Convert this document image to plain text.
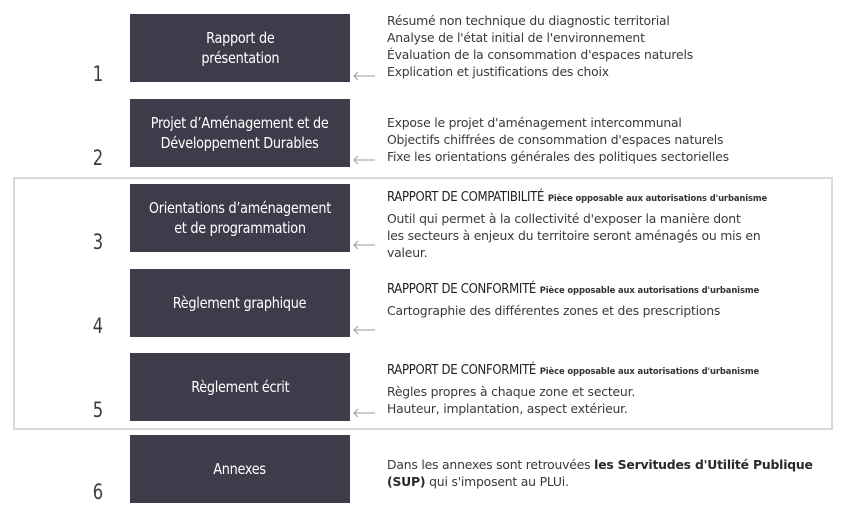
1
Rapport de
présentation
Résumé non technique du diagnostic territorial
Analyse de l'état initial de l'environnement
Évaluation de la consommation d'espaces naturels
Explication et justifications des choix
2
Projet d’Aménagement et de
Développement Durables
Expose le projet d'aménagement intercommunal
Objectifs chiffrées de consommation d'espaces naturels
Fixe les orientations générales des politiques sectorielles
3
Orientations d’aménagement
et de programmation
RAPPORT DE COMPATIBILITÉ Pièce opposable aux autorisations d'urbanisme
Outil qui permet à la collectivité d'exposer la manière dont
les secteurs à enjeux du territoire seront aménagés ou mis en
valeur.
4
Règlement graphique
RAPPORT DE CONFORMITÉ Pièce opposable aux autorisations d'urbanisme
Cartographie des différentes zones et des prescriptions
5
Règlement écrit
RAPPORT DE CONFORMITÉ Pièce opposable aux autorisations d'urbanisme
Règles propres à chaque zone et secteur.
Hauteur, implantation, aspect extérieur.
6
Annexes	Dans les annexes sont retrouvées les Servitudes d'Utilité Publique
(SUP) qui s'imposent au PLUi.
